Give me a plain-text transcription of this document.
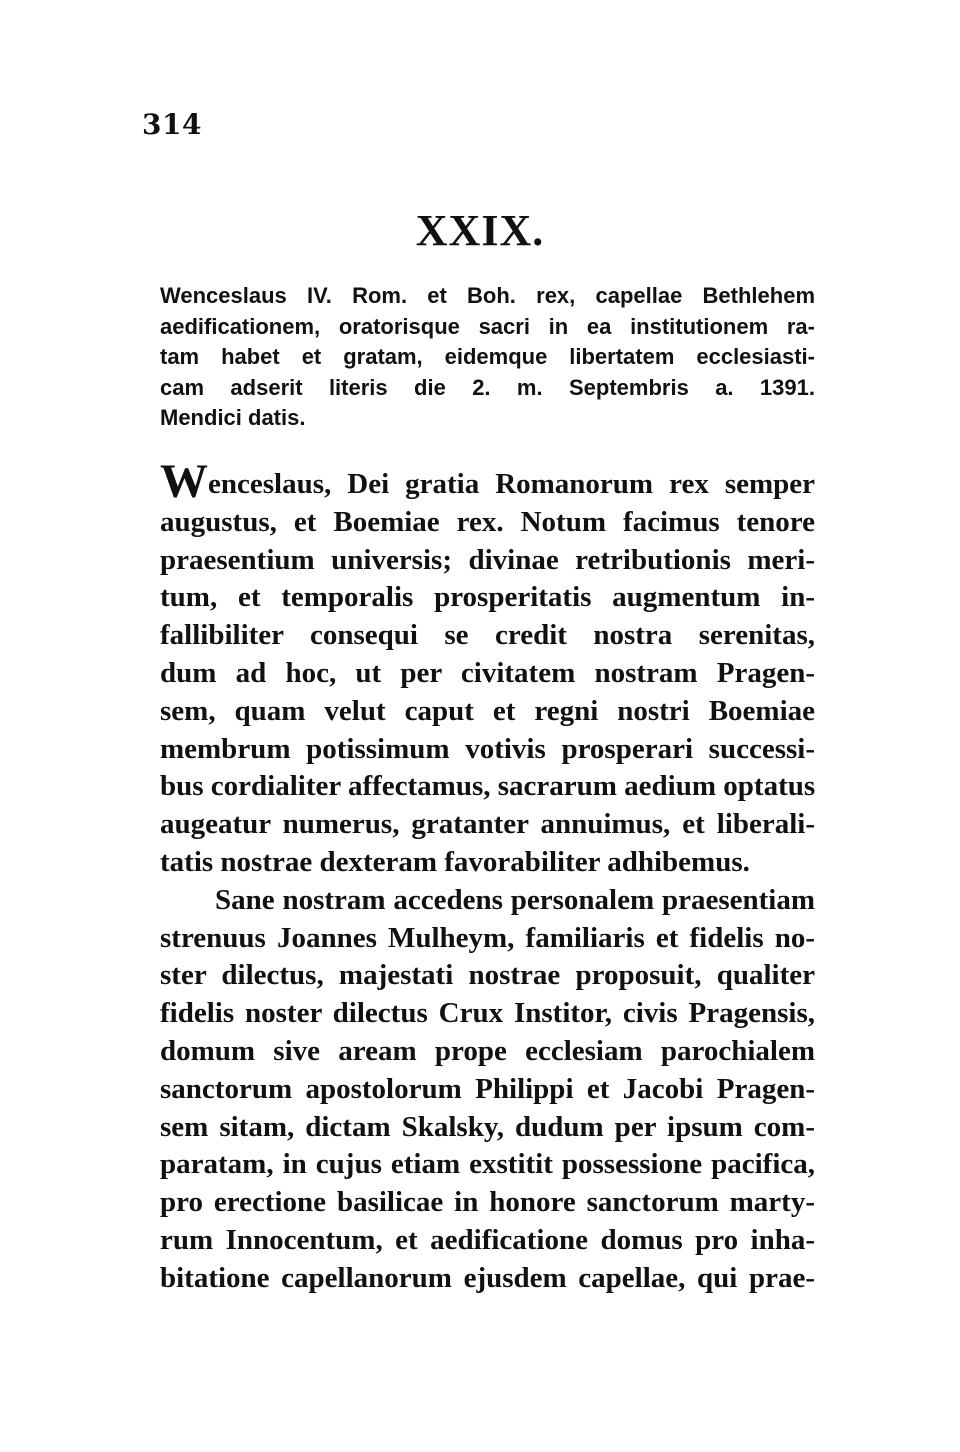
314
XXIX.
Wenceslaus IV. Rom. et Boh. rex, capellae Bethlehem
aedificationem, oratorisque sacri in ea institutionem ra-
tam habet et gratam, eidemque libertatem ecclesiasti-
cam adserit literis die 2. m. Septembris a. 1391.
Mendici datis.
Wenceslaus, Dei gratia Romanorum rex semper
augustus, et Boemiae rex. Notum facimus tenore
praesentium universis; divinae retributionis meri-
tum, et temporalis prosperitatis augmentum in-
fallibiliter consequi se credit nostra serenitas,
dum ad hoc, ut per civitatem nostram Pragen-
sem, quam velut caput et regni nostri Boemiae
membrum potissimum votivis prosperari successi-
bus cordialiter affectamus, sacrarum aedium optatus
augeatur numerus, gratanter annuimus, et liberali-
tatis nostrae dexteram favorabiliter adhibemus.
Sane nostram accedens personalem praesentiam
strenuus Joannes Mulheym, familiaris et fidelis no-
ster dilectus, majestati nostrae proposuit, qualiter
fidelis noster dilectus Crux Institor, civis Pragensis,
domum sive aream prope ecclesiam parochialem
sanctorum apostolorum Philippi et Jacobi Pragen-
sem sitam, dictam Skalsky, dudum per ipsum com-
paratam, in cujus etiam exstitit possessione pacifica,
pro erectione basilicae in honore sanctorum marty-
rum Innocentum, et aedificatione domus pro inha-
bitatione capellanorum ejusdem capellae, qui prae-
